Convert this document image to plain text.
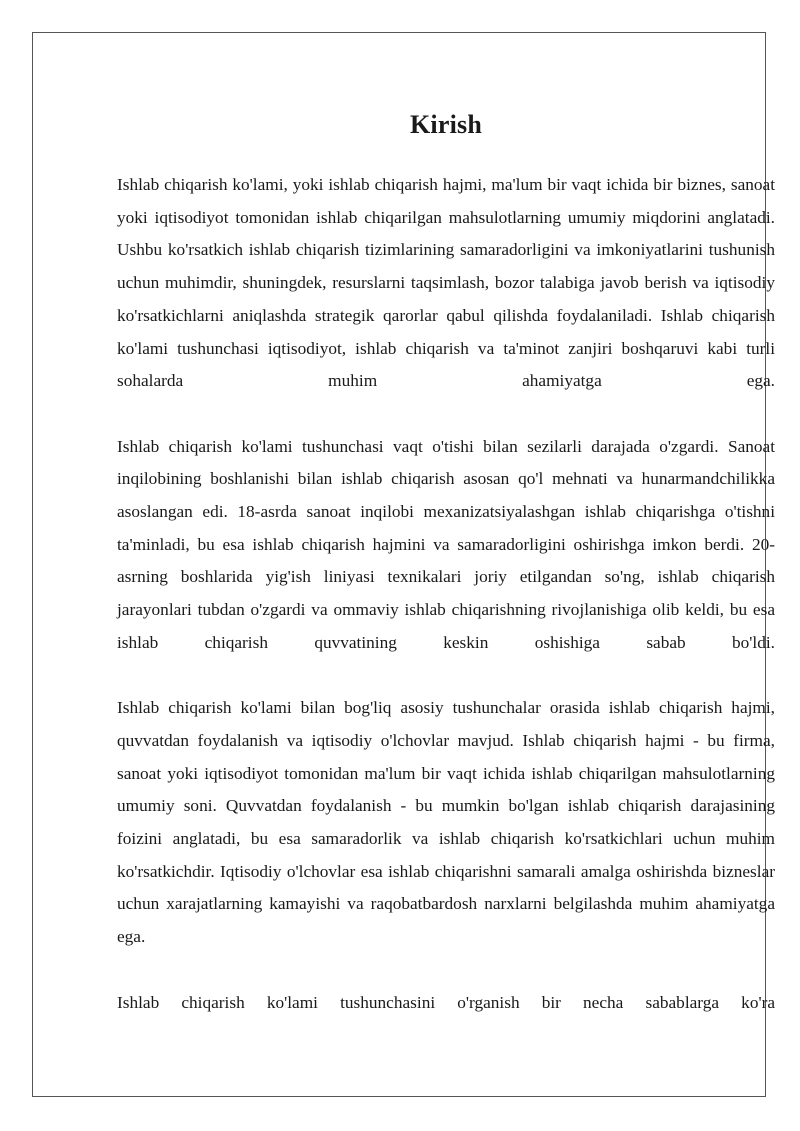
Kirish

Ishlab chiqarish ko'lami, yoki ishlab chiqarish hajmi, ma'lum bir vaqt ichida bir biznes, sanoat yoki iqtisodiyot tomonidan ishlab chiqarilgan mahsulotlarning umumiy miqdorini anglatadi. Ushbu ko'rsatkich ishlab chiqarish tizimlarining samaradorligini va imkoniyatlarini tushunish uchun muhimdir, shuningdek, resurslarni taqsimlash, bozor talabiga javob berish va iqtisodiy ko'rsatkichlarni aniqlashda strategik qarorlar qabul qilishda foydalaniladi. Ishlab chiqarish ko'lami tushunchasi iqtisodiyot, ishlab chiqarish va ta'minot zanjiri boshqaruvi kabi turli sohalarda muhim ahamiyatga ega.

Ishlab chiqarish ko'lami tushunchasi vaqt o'tishi bilan sezilarli darajada o'zgardi. Sanoat inqilobining boshlanishi bilan ishlab chiqarish asosan qo'l mehnati va hunarmandchilikka asoslangan edi. 18-asrda sanoat inqilobi mexanizatsiyalashgan ishlab chiqarishga o'tishni ta'minladi, bu esa ishlab chiqarish hajmini va samaradorligini oshirishga imkon berdi. 20-asrning boshlarida yig'ish liniyasi texnikalari joriy etilgandan so'ng, ishlab chiqarish jarayonlari tubdan o'zgardi va ommaviy ishlab chiqarishning rivojlanishiga olib keldi, bu esa ishlab chiqarish quvvatining keskin oshishiga sabab bo'ldi.

Ishlab chiqarish ko'lami bilan bog'liq asosiy tushunchalar orasida ishlab chiqarish hajmi, quvvatdan foydalanish va iqtisodiy o'lchovlar mavjud. Ishlab chiqarish hajmi - bu firma, sanoat yoki iqtisodiyot tomonidan ma'lum bir vaqt ichida ishlab chiqarilgan mahsulotlarning umumiy soni. Quvvatdan foydalanish - bu mumkin bo'lgan ishlab chiqarish darajasining foizini anglatadi, bu esa samaradorlik va ishlab chiqarish ko'rsatkichlari uchun muhim ko'rsatkichdir. Iqtisodiy o'lchovlar esa ishlab chiqarishni samarali amalga oshirishda bizneslar uchun xarajatlarning kamayishi va raqobatbardosh narxlarni belgilashda muhim ahamiyatga ega.

Ishlab chiqarish ko'lami tushunchasini o'rganish bir necha sabablarga ko'ra
